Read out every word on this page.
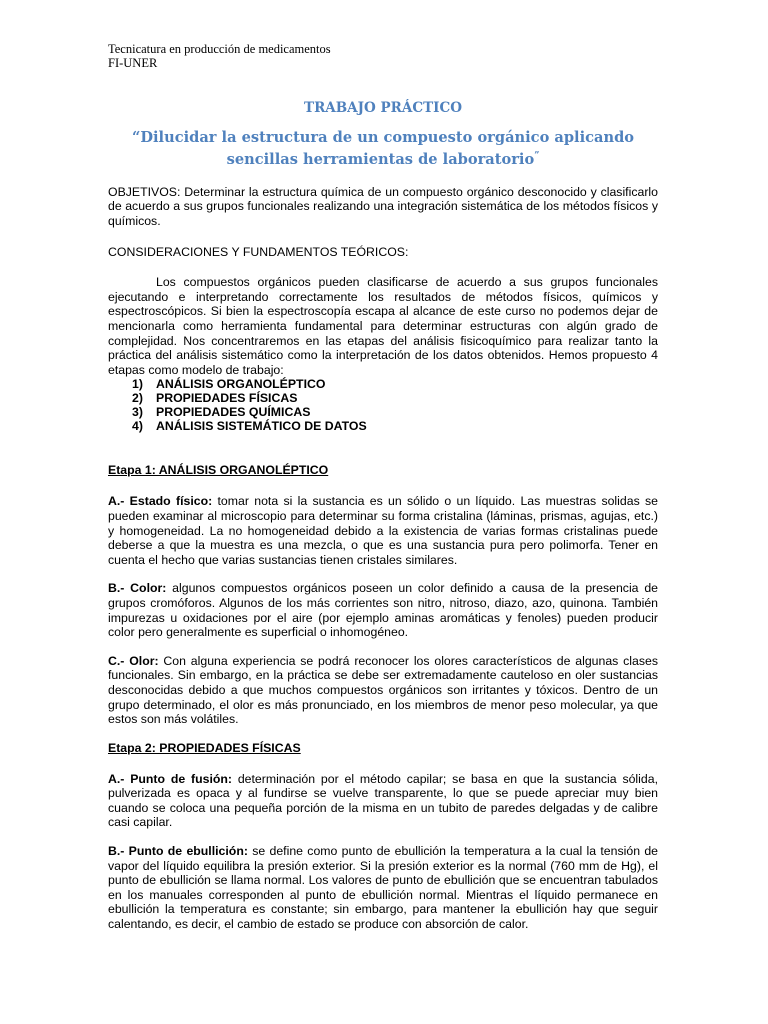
Tecnicatura en producción de medicamentos
FI-UNER
TRABAJO PRÁCTICO
“Dilucidar la estructura de un compuesto orgánico aplicando sencillas herramientas de laboratorio”

OBJETIVOS: Determinar la estructura química de un compuesto orgánico desconocido y clasificarlo de acuerdo a sus grupos funcionales realizando una integración sistemática de los métodos físicos y químicos.

CONSIDERACIONES Y FUNDAMENTOS TEÓRICOS:

Los compuestos orgánicos pueden clasificarse de acuerdo a sus grupos funcionales ejecutando e interpretando correctamente los resultados de métodos físicos, químicos y espectroscópicos. Si bien la espectroscopía escapa al alcance de este curso no podemos dejar de mencionarla como herramienta fundamental para determinar estructuras con algún grado de complejidad. Nos concentraremos en las etapas del análisis fisicoquímico para realizar tanto la práctica del análisis sistemático como la interpretación de los datos obtenidos. Hemos propuesto 4 etapas como modelo de trabajo:

1)	ANÁLISIS ORGANOLÉPTICO
2)	PROPIEDADES FÍSICAS
3)	PROPIEDADES QUÍMICAS
4)	ANÁLISIS SISTEMÁTICO DE DATOS
Etapa 1: ANÁLISIS ORGANOLÉPTICO

A.- Estado físico: tomar nota si la sustancia es un sólido o un líquido. Las muestras solidas se pueden examinar al microscopio para determinar su forma cristalina (láminas, prismas, agujas, etc.) y homogeneidad. La no homogeneidad debido a la existencia de varias formas cristalinas puede deberse a que la muestra es una mezcla, o que es una sustancia pura pero polimorfa. Tener en cuenta el hecho que varias sustancias tienen cristales similares.

B.- Color: algunos compuestos orgánicos poseen un color definido a causa de la presencia de grupos cromóforos. Algunos de los más corrientes son nitro, nitroso, diazo, azo, quinona. También impurezas u oxidaciones por el aire (por ejemplo aminas aromáticas y fenoles) pueden producir color pero generalmente es superficial o inhomogéneo.

C.- Olor: Con alguna experiencia se podrá reconocer los olores característicos de algunas clases funcionales. Sin embargo, en la práctica se debe ser extremadamente cauteloso en oler sustancias desconocidas debido a que muchos compuestos orgánicos son irritantes y tóxicos. Dentro de un grupo determinado, el olor es más pronunciado, en los miembros de menor peso molecular, ya que estos son más volátiles.

Etapa 2: PROPIEDADES FÍSICAS

A.- Punto de fusión: determinación por el método capilar; se basa en que la sustancia sólida, pulverizada es opaca y al fundirse se vuelve transparente, lo que se puede apreciar muy bien cuando se coloca una pequeña porción de la misma en un tubito de paredes delgadas y de calibre casi capilar.

B.- Punto de ebullición: se define como punto de ebullición la temperatura a la cual la tensión de vapor del líquido equilibra la presión exterior. Si la presión exterior es la normal (760 mm de Hg), el punto de ebullición se llama normal. Los valores de punto de ebullición que se encuentran tabulados en los manuales corresponden al punto de ebullición normal. Mientras el líquido permanece en ebullición la temperatura es constante; sin embargo, para mantener la ebullición hay que seguir calentando, es decir, el cambio de estado se produce con absorción de calor.
